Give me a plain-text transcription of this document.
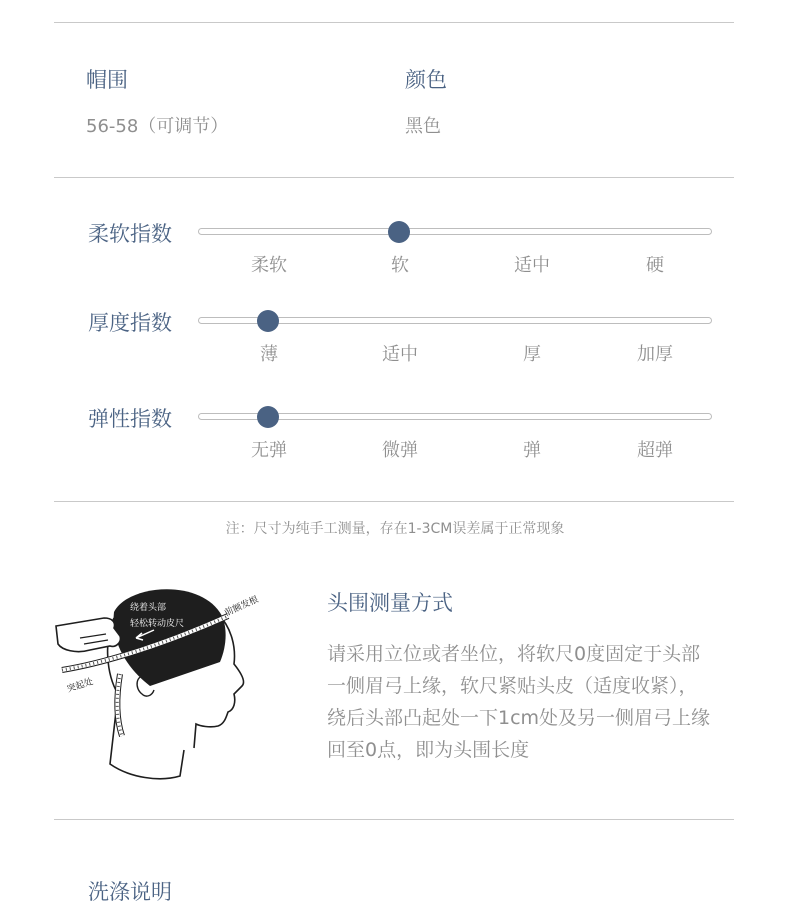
帽围
56-58（可调节）
颜色
黑色
柔软指数
柔软	软	适中	硬
厚度指数
薄	适中	厚	加厚
弹性指数
无弹	微弹	弹	超弹
注：尺寸为纯手工测量，存在1-3CM误差属于正常现象
绕着头部
轻松转动皮尺
前额发根
突起处
头围测量方式
请采用立位或者坐位，将软尺0度固定于头部
一侧眉弓上缘，软尺紧贴头皮（适度收紧），
绕后头部凸起处一下1cm处及另一侧眉弓上缘
回至0点，即为头围长度
洗涤说明
